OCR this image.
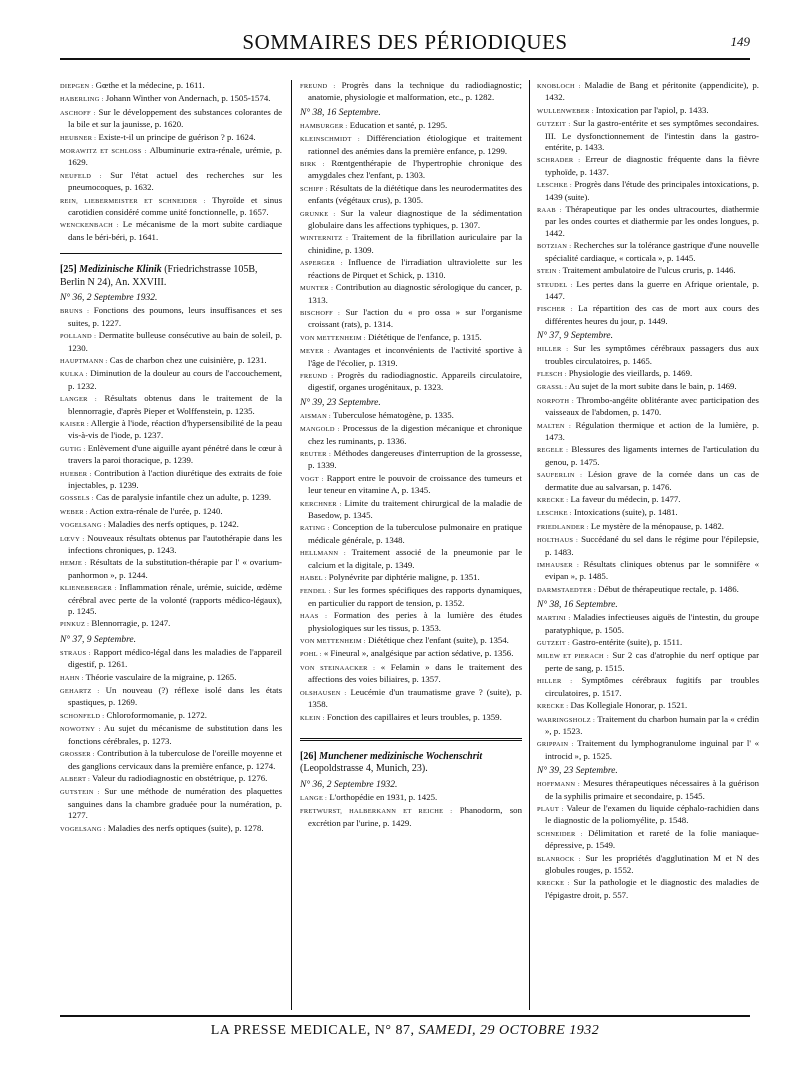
SOMMAIRES DES PÉRIODIQUES	149
DIEPGEN : Gœthe et la médecine, p. 1611.
HABERLING : Johann Winther von Andernach, p. 1505-1574.
ASCHOFF : Sur le développement des substances colorantes de la bile et sur la jaunisse, p. 1620.
HEUBNER : Existe-t-il un principe de guérison ? p. 1624.
MORAWITZ ET SCHLOSS : Albuminurie extra-rénale, urémie, p. 1629.
NEUFELD : Sur l'état actuel des recherches sur les pneumocoques, p. 1632.
REIN, LIEBERMEISTER ET SCHNEIDER : Thyroïde et sinus carotidien considéré comme unité fonctionnelle, p. 1657.
WENCKENBACH : Le mécanisme de la mort subite cardiaque dans le béri-béri, p. 1641.
[25] Medizinische Klinik (Friedrichstrasse 105B, Berlin N 24), An. XXVIII.
N° 36, 2 Septembre 1932.
BRUNS : Fonctions des poumons, leurs insuffisances et ses suites, p. 1227.
POLLAND : Dermatite bulleuse consécutive au bain de soleil, p. 1230.
HAUPTMANN : Cas de charbon chez une cuisinière, p. 1231.
KULKA : Diminution de la douleur au cours de l'accouchement, p. 1232.
LANGER : Résultats obtenus dans le traitement de la blennorragie, d'après Pieper et Wolffenstein, p. 1235.
KAISER : Allergie à l'iode, réaction d'hypersensibilité de la peau vis-à-vis de l'iode, p. 1237.
GUTIG : Enlèvement d'une aiguille ayant pénétré dans le cœur à travers la paroi thoracique, p. 1239.
HUEBER : Contribution à l'action diurétique des extraits de foie injectables, p. 1239.
GOSSELS : Cas de paralysie infantile chez un adulte, p. 1239.
WEBER : Action extra-rénale de l'urée, p. 1240.
VOGELSANG : Maladies des nerfs optiques, p. 1242.
LŒVY : Nouveaux résultats obtenus par l'autothérapie dans les infections chroniques, p. 1243.
HEMJE : Résultats de la substitution-thérapie par l' « ovarium-panhormon », p. 1244.
KLIENEBERGER : Inflammation rénale, urémie, suicide, œdème cérébral avec perte de la volonté (rapports médico-légaux), p. 1245.
PINKUZ : Blennorragie, p. 1247.
N° 37, 9 Septembre.
STRAUS : Rapport médico-légal dans les maladies de l'appareil digestif, p. 1261.
HAHN : Théorie vasculaire de la migraine, p. 1265.
GEHARTZ : Un nouveau (?) réflexe isolé dans les états spastiques, p. 1269.
SCHONFELD : Chloroformomanie, p. 1272.
NOWOTNY : Au sujet du mécanisme de substitution dans les fonctions cérébrales, p. 1273.
GROSSER : Contribution à la tuberculose de l'oreille moyenne et des ganglions cervicaux dans la première enfance, p. 1274.
ALBERT : Valeur du radiodiagnostic en obstétrique, p. 1276.
GUTSTEIN : Sur une méthode de numération des plaquettes sanguines dans la chambre graduée pour la numération, p. 1277.
VOGELSANG : Maladies des nerfs optiques (suite), p. 1278.
FREUND : Progrès dans la technique du radiodiagnostic; anatomie, physiologie et malformation, etc., p. 1282.
N° 38, 16 Septembre.
HAMBURGER : Education et santé, p. 1295.
KLEINSCHMIDT : Différenciation étiologique et traitement rationnel des anémies dans la première enfance, p. 1299.
BIRK : Rœntgenthérapie de l'hypertrophie chronique des amygdales chez l'enfant, p. 1303.
SCHIFF : Résultats de la diététique dans les neurodermatites des enfants (végétaux crus), p. 1305.
GRUNKE : Sur la valeur diagnostique de la sédimentation globulaire dans les affections typhiques, p. 1307.
WINTERNITZ : Traitement de la fibrillation auriculaire par la chinidine, p. 1309.
ASPERGER : Influence de l'irradiation ultraviolette sur les réactions de Pirquet et Schick, p. 1310.
MUNTER : Contribution au diagnostic sérologique du cancer, p. 1313.
BISCHOFF : Sur l'action du « pro ossa » sur l'organisme croissant (rats), p. 1314.
VON METTENHEIM : Diététique de l'enfance, p. 1315.
MEYER : Avantages et inconvénients de l'activité sportive à l'âge de l'écolier, p. 1319.
FREUND : Progrès du radiodiagnostic. Appareils circulatoire, digestif, organes urogénitaux, p. 1323.
N° 39, 23 Septembre.
AISMAN : Tuberculose hématogène, p. 1335.
MANGOLD : Processus de la digestion mécanique et chronique chez les ruminants, p. 1336.
REUTER : Méthodes dangereuses d'interruption de la grossesse, p. 1339.
VOGT : Rapport entre le pouvoir de croissance des tumeurs et leur teneur en vitamine A, p. 1345.
KERCHNER : Limite du traitement chirurgical de la maladie de Basedow, p. 1345.
RATING : Conception de la tuberculose pulmonaire en pratique médicale générale, p. 1348.
HELLMANN : Traitement associé de la pneumonie par le calcium et la digitale, p. 1349.
HABEL : Polynévrite par diphtérie maligne, p. 1351.
FENDEL : Sur les formes spécifiques des rapports dynamiques, en particulier du rapport de tension, p. 1352.
HAAS : Formation des peries à la lumière des études physiologiques sur les tissus, p. 1353.
VON METTENHEIM : Diététique chez l'enfant (suite), p. 1354.
POHL : « Fineural », analgésique par action sédative, p. 1356.
VON STEINAACKER : « Felamin » dans le traitement des affections des voies biliaires, p. 1357.
OLSHAUSEN : Leucémie d'un traumatisme grave ? (suite), p. 1358.
KLEIN : Fonction des capillaires et leurs troubles, p. 1359.
[26] Munchener medizinische Wochenschrit (Leopoldstrasse 4, Munich, 23).
N° 36, 2 Septembre 1932.
LANGE : L'orthopédie en 1931, p. 1425.
FRETWURST, HALBERKANN ET REICHE : Phanodorm, son excrétion par l'urine, p. 1429.
KNOBLOCH : Maladie de Bang et péritonite (appendicite), p. 1432.
WULLENWEBER : Intoxication par l'apiol, p. 1433.
GUTZEIT : Sur la gastro-entérite et ses symptômes secondaires. III. Le dysfonctionnement de l'intestin dans la gastro-entérite, p. 1433.
SCHRADER : Erreur de diagnostic fréquente dans la fièvre typhoïde, p. 1437.
LESCHKE : Progrès dans l'étude des principales intoxications, p. 1439 (suite).
RAAB : Thérapeutique par les ondes ultracourtes, diathermie par les ondes courtes et diathermie par les ondes longues, p. 1442.
BOTZIAN : Recherches sur la tolérance gastrique d'une nouvelle spécialité cardiaque, « corticala », p. 1445.
STEIN : Traitement ambulatoire de l'ulcus cruris, p. 1446.
STEUDEL : Les pertes dans la guerre en Afrique orientale, p. 1447.
FISCHER : La répartition des cas de mort aux cours des différentes heures du jour, p. 1449.
N° 37, 9 Septembre.
HILLER : Sur les symptômes cérébraux passagers dus aux troubles circulatoires, p. 1465.
FLESCH : Physiologie des vieillards, p. 1469.
GRASSL : Au sujet de la mort subite dans le bain, p. 1469.
NORPOTH : Thrombo-angéite oblitérante avec participation des vaisseaux de l'abdomen, p. 1470.
MALTEN : Régulation thermique et action de la lumière, p. 1473.
REGELE : Blessures des ligaments internes de l'articulation du genou, p. 1475.
SAUFERLIN : Lésion grave de la cornée dans un cas de dermatite due au salvarsan, p. 1476.
KRECKE : La faveur du médecin, p. 1477.
LESCHKE : Intoxications (suite), p. 1481.
FRIEDLANDER : Le mystère de la ménopause, p. 1482.
HOLTHAUS : Succédané du sel dans le régime pour l'épilepsie, p. 1483.
IMHAUSER : Résultats cliniques obtenus par le somnifère « evipan », p. 1485.
DARMSTAEDTER : Début de thérapeutique rectale, p. 1486.
N° 38, 16 Septembre.
MARTINI : Maladies infectieuses aiguës de l'intestin, du groupe paratyphique, p. 1505.
GUTZEIT : Gastro-entérite (suite), p. 1511.
MILEW ET PIERACH : Sur 2 cas d'atrophie du nerf optique par perte de sang, p. 1515.
HILLER : Symptômes cérébraux fugitifs par troubles circulatoires, p. 1517.
KRECKE : Das Kollegiale Honorar, p. 1521.
WARRINGSHOLZ : Traitement du charbon humain par la « crédin », p. 1523.
GRIPPAIN : Traitement du lymphogranulome inguinal par l' « introcid », p. 1525.
N° 39, 23 Septembre.
HOFFMANN : Mesures thérapeutiques nécessaires à la guérison de la syphilis primaire et secondaire, p. 1545.
PLAUT : Valeur de l'examen du liquide céphalo-rachidien dans le diagnostic de la poliomyélite, p. 1548.
SCHNEIDER : Délimitation et rareté de la folie maniaque-dépressive, p. 1549.
BLANROCK : Sur les propriétés d'agglutination M et N des globules rouges, p. 1552.
KRECKE : Sur la pathologie et le diagnostic des maladies de l'épigastre droit, p. 557.
LA PRESSE MEDICALE, N° 87, SAMEDI, 29 OCTOBRE 1932
